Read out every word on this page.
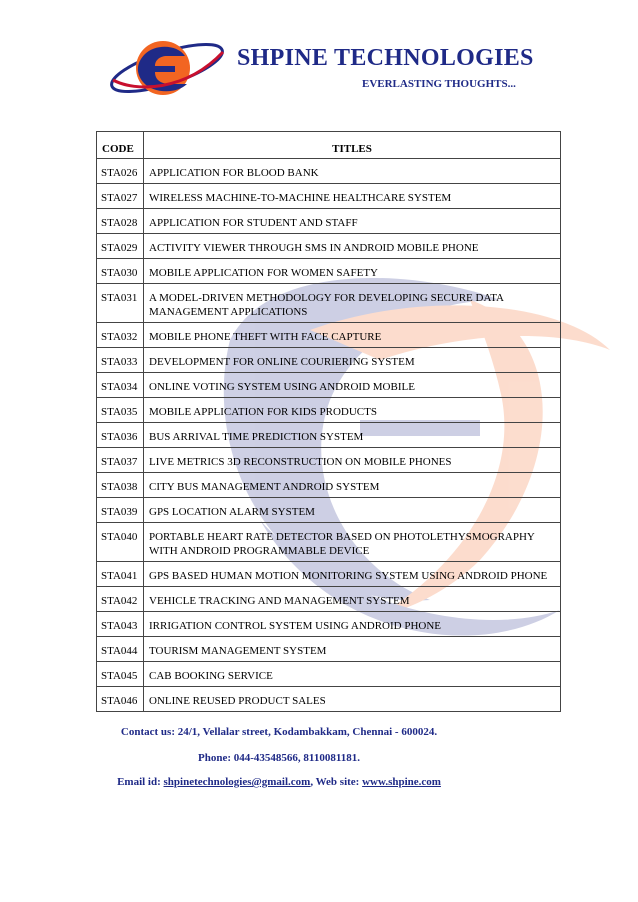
SHPINE TECHNOLOGIES
EVERLASTING THOUGHTS...
CODE	TITLES
STA026	APPLICATION FOR BLOOD BANK
STA027	WIRELESS MACHINE-TO-MACHINE HEALTHCARE SYSTEM
STA028	APPLICATION FOR STUDENT AND STAFF
STA029	ACTIVITY VIEWER THROUGH SMS IN ANDROID MOBILE PHONE
STA030	MOBILE APPLICATION FOR WOMEN SAFETY
STA031	A MODEL-DRIVEN METHODOLOGY FOR DEVELOPING SECURE DATA MANAGEMENT APPLICATIONS
STA032	MOBILE PHONE THEFT WITH FACE CAPTURE
STA033	DEVELOPMENT FOR ONLINE COURIERING SYSTEM
STA034	ONLINE VOTING SYSTEM USING ANDROID MOBILE
STA035	MOBILE APPLICATION FOR KIDS PRODUCTS
STA036	BUS ARRIVAL TIME PREDICTION SYSTEM
STA037	LIVE METRICS 3D RECONSTRUCTION ON MOBILE PHONES
STA038	CITY BUS MANAGEMENT ANDROID SYSTEM
STA039	GPS LOCATION ALARM SYSTEM
STA040	PORTABLE HEART RATE DETECTOR BASED ON PHOTOLETHYSMOGRAPHY WITH ANDROID PROGRAMMABLE DEVICE
STA041	GPS BASED HUMAN MOTION MONITORING SYSTEM USING ANDROID PHONE
STA042	VEHICLE TRACKING AND MANAGEMENT SYSTEM
STA043	IRRIGATION CONTROL SYSTEM USING ANDROID PHONE
STA044	TOURISM MANAGEMENT SYSTEM
STA045	CAB BOOKING SERVICE
STA046	ONLINE REUSED PRODUCT SALES
Contact us: 24/1, Vellalar street, Kodambakkam, Chennai - 600024.
Phone: 044-43548566, 8110081181.
Email id: shpinetechnologies@gmail.com, Web site: www.shpine.com
